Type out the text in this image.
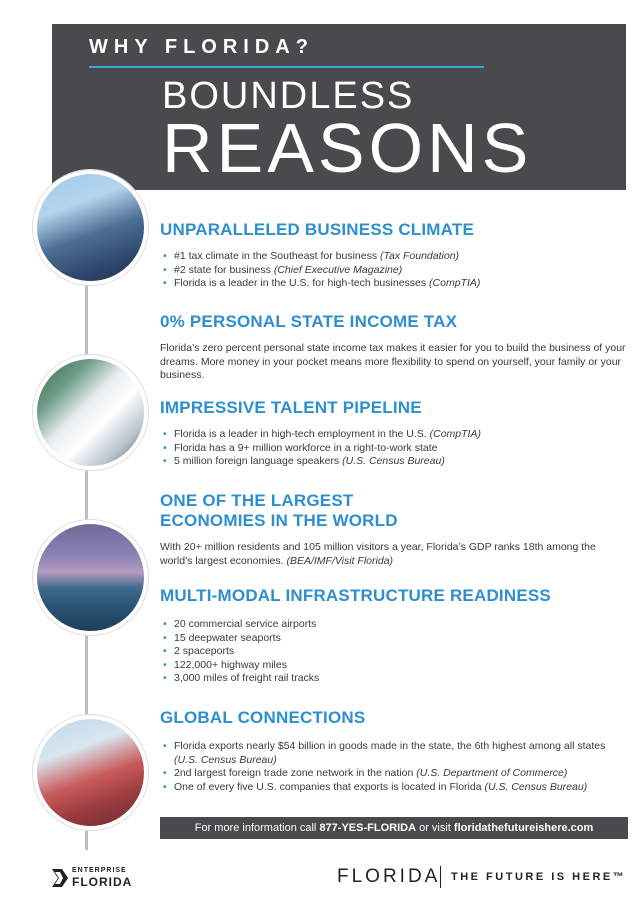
WHY FLORIDA?
BOUNDLESS
REASONS
UNPARALLELED BUSINESS CLIMATE
• #1 tax climate in the Southeast for business (Tax Foundation)
• #2 state for business (Chief Executive Magazine)
• Florida is a leader in the U.S. for high-tech businesses (CompTIA)
0% PERSONAL STATE INCOME TAX

Florida’s zero percent personal state income tax makes it easier for you to build the business of your dreams. More money in your pocket means more flexibility to spend on yourself, your family or your business.

IMPRESSIVE TALENT PIPELINE
• Florida is a leader in high-tech employment in the U.S. (CompTIA)
• Florida has a 9+ million workforce in a right-to-work state
• 5 million foreign language speakers (U.S. Census Bureau)
ONE OF THE LARGEST
ECONOMIES IN THE WORLD

With 20+ million residents and 105 million visitors a year, Florida’s GDP ranks 18th among the world’s largest economies. (BEA/IMF/Visit Florida)

MULTI-MODAL INFRASTRUCTURE READINESS
• 20 commercial service airports
• 15 deepwater seaports
• 2 spaceports
• 122,000+ highway miles
• 3,000 miles of freight rail tracks
GLOBAL CONNECTIONS
• Florida exports nearly $54 billion in goods made in the state, the 6th highest among all states (U.S. Census Bureau)
• 2nd largest foreign trade zone network in the nation (U.S. Department of Commerce)
• One of every five U.S. companies that exports is located in Florida (U.S. Census Bureau)
For more information call 877-YES-FLORIDA or visit floridathefutureishere.com
ENTERPRISE
FLORIDA	FLORIDA THE FUTURE IS HERE™
